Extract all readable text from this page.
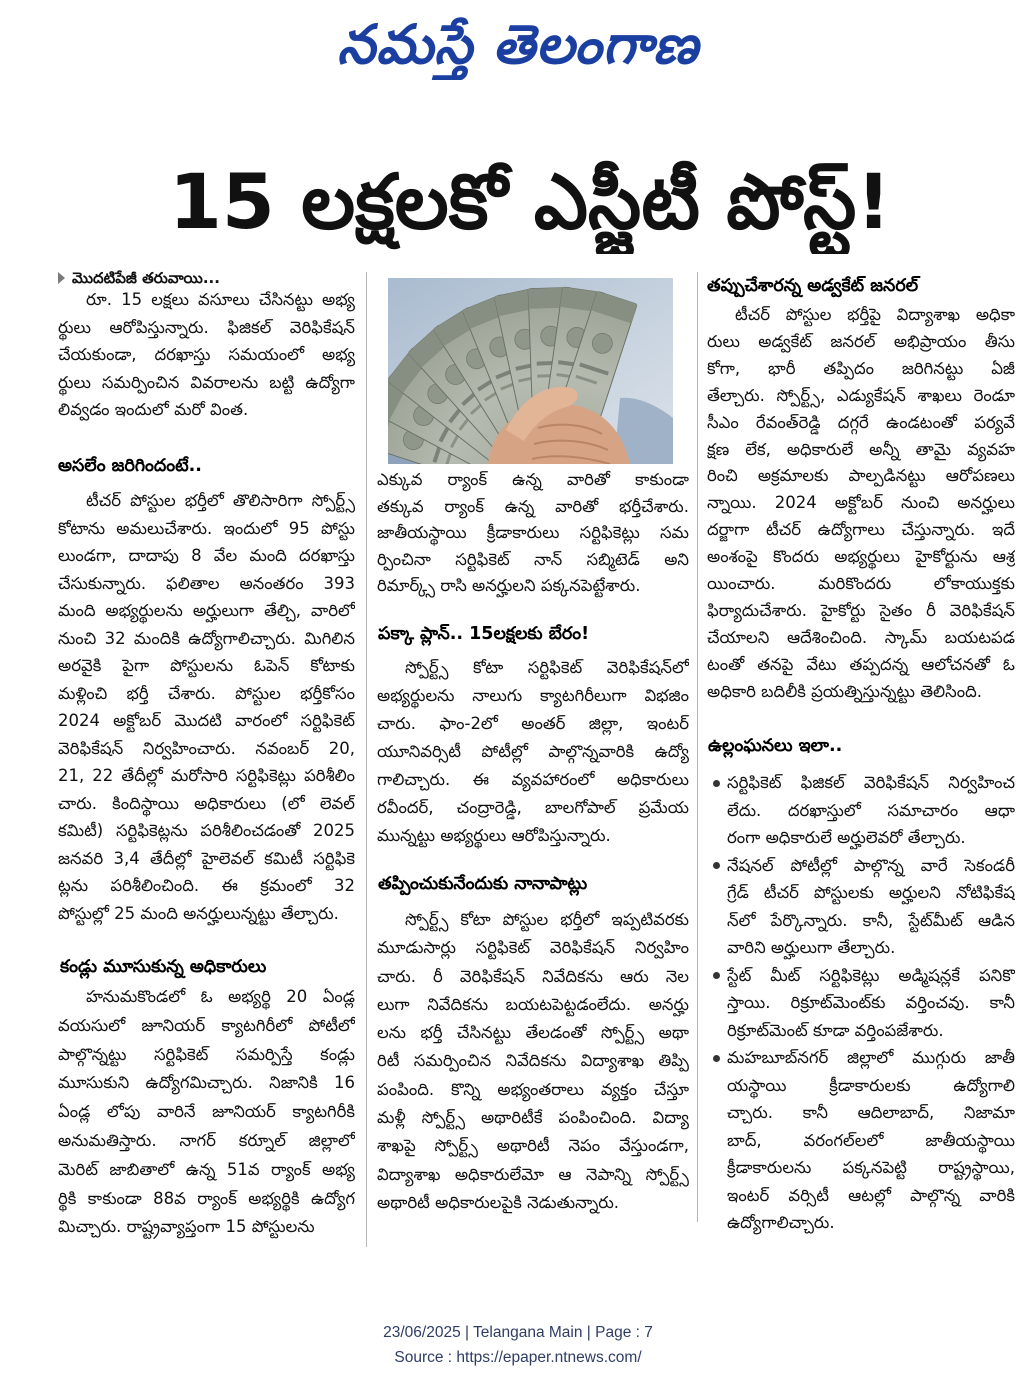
నమస్తే తెలంగాణ
15 లక్షలకో ఎస్జీటీ పోస్ట్!
మొదటిపేజీ తరువాయి...
రూ. 15 లక్షలు వసూలు చేసినట్టు అభ్య
ర్థులు ఆరోపిస్తున్నారు. ఫిజికల్ వెరిఫికేషన్
చేయకుండా, దరఖాస్తు సమయంలో అభ్య
ర్థులు సమర్పించిన వివరాలను బట్టి ఉద్యోగా
లివ్వడం ఇందులో మరో వింత.
అసలేం జరిగిందంటే..
టీచర్ పోస్టుల భర్తీలో తొలిసారిగా స్పోర్ట్స్
కోటాను అమలుచేశారు. ఇందులో 95 పోస్టు
లుండగా, దాదాపు 8 వేల మంది దరఖాస్తు
చేసుకున్నారు. ఫలితాల అనంతరం 393
మంది అభ్యర్థులను అర్హులుగా తేల్చి, వారిలో
నుంచి 32 మందికి ఉద్యోగాలిచ్చారు. మిగిలిన
అరవైకి పైగా పోస్టులను ఓపెన్ కోటాకు
మళ్లించి భర్తీ చేశారు. పోస్టుల భర్తీకోసం
2024 అక్టోబర్ మొదటి వారంలో సర్టిఫికెట్
వెరిఫికేషన్ నిర్వహించారు. నవంబర్ 20,
21, 22 తేదీల్లో మరోసారి సర్టిఫికెట్లు పరిశీలిం
చారు. కిందిస్థాయి అధికారులు (లో లెవల్
కమిటీ) సర్టిఫికెట్లను పరిశీలించడంతో 2025
జనవరి 3,4 తేదీల్లో హైలెవల్ కమిటీ సర్టిఫికె
ట్లను పరిశీలించింది. ఈ క్రమంలో 32
పోస్టుల్లో 25 మంది అనర్హులున్నట్టు తేల్చారు.
కండ్లు మూసుకున్న అధికారులు
హనుమకొండలో ఓ అభ్యర్థి 20 ఏండ్ల
వయసులో జూనియర్ క్యాటగిరీలో పోటీలో
పాల్గొన్నట్టు సర్టిఫికెట్ సమర్పిస్తే కండ్లు
మూసుకుని ఉద్యోగమిచ్చారు. నిజానికి 16
ఏండ్ల లోపు వారినే జూనియర్ క్యాటగిరీకి
అనుమతిస్తారు. నాగర్ కర్నూల్ జిల్లాలో
మెరిట్ జాబితాలో ఉన్న 51వ ర్యాంక్ అభ్య
ర్థికి కాకుండా 88వ ర్యాంక్ అభ్యర్థికి ఉద్యోగ
మిచ్చారు. రాష్ట్రవ్యాప్తంగా 15 పోస్టులను
ఎక్కువ ర్యాంక్ ఉన్న వారితో కాకుండా
తక్కువ ర్యాంక్ ఉన్న వారితో భర్తీచేశారు.
జాతీయస్థాయి క్రీడాకారులు సర్టిఫికెట్లు సమ
ర్పించినా సర్టిఫికెట్ నాన్ సబ్మిటెడ్ అని
రిమార్క్స్ రాసి అనర్హులని పక్కనపెట్టేశారు.
పక్కా ప్లాన్.. 15లక్షలకు బేరం!
స్పోర్ట్స్ కోటా సర్టిఫికెట్ వెరిఫికేషన్‌లో
అభ్యర్థులను నాలుగు క్యాటగిరీలుగా విభజిం
చారు. ఫాం-2లో అంతర్ జిల్లా, ఇంటర్
యూనివర్సిటీ పోటీల్లో పాల్గొన్నవారికి ఉద్యో
గాలిచ్చారు. ఈ వ్యవహారంలో అధికారులు
రవీందర్, చంద్రారెడ్డి, బాలగోపాల్ ప్రమేయ
మున్నట్టు అభ్యర్థులు ఆరోపిస్తున్నారు.
తప్పించుకునేందుకు నానాపాట్లు
స్పోర్ట్స్ కోటా పోస్టుల భర్తీలో ఇప్పటివరకు
మూడుసార్లు సర్టిఫికెట్ వెరిఫికేషన్ నిర్వహిం
చారు. రీ వెరిఫికేషన్ నివేదికను ఆరు నెల
లుగా నివేదికను బయటపెట్టడంలేదు. అనర్హు
లను భర్తీ చేసినట్టు తేలడంతో స్పోర్ట్స్ అథా
రిటీ సమర్పించిన నివేదికను విద్యాశాఖ తిప్పి
పంపింది. కొన్ని అభ్యంతరాలు వ్యక్తం చేస్తూ
మళ్లీ స్పోర్ట్స్ అథారిటీకే పంపించింది. విద్యా
శాఖపై స్పోర్ట్స్ అథారిటీ నెపం వేస్తుండగా,
విద్యాశాఖ అధికారులేమో ఆ నెపాన్ని స్పోర్ట్స్
అథారిటీ అధికారులపైకి నెడుతున్నారు.
తప్పుచేశారన్న అడ్వకేట్ జనరల్
టీచర్ పోస్టుల భర్తీపై విద్యాశాఖ అధికా
రులు అడ్వకేట్ జనరల్ అభిప్రాయం తీసు
కోగా, భారీ తప్పిదం జరిగినట్టు ఏజీ
తేల్చారు. స్పోర్ట్స్, ఎడ్యుకేషన్ శాఖలు రెండూ
సీఎం రేవంత్‌రెడ్డి దగ్గరే ఉండటంతో పర్యవే
క్షణ లేక, అధికారులే అన్నీ తామై వ్యవహ
రించి అక్రమాలకు పాల్పడినట్టు ఆరోపణలు
న్నాయి. 2024 అక్టోబర్ నుంచి అనర్హులు
దర్జాగా టీచర్ ఉద్యోగాలు చేస్తున్నారు. ఇదే
అంశంపై కొందరు అభ్యర్థులు హైకోర్టును ఆశ్ర
యించారు. మరికొందరు లోకాయుక్తకు
ఫిర్యాదుచేశారు. హైకోర్టు సైతం రీ వెరిఫికేషన్
చేయాలని ఆదేశించింది. స్కామ్ బయటపడ
టంతో తనపై వేటు తప్పదన్న ఆలోచనతో ఓ
అధికారి బదిలీకి ప్రయత్నిస్తున్నట్టు తెలిసింది.
ఉల్లంఘనలు ఇలా..
సర్టిఫికెట్ ఫిజికల్ వెరిఫికేషన్ నిర్వహించ
లేదు. దరఖాస్తులో సమాచారం ఆధా
రంగా అధికారులే అర్హులెవరో తేల్చారు.
నేషనల్ పోటీల్లో పాల్గొన్న వారే సెకండరీ
గ్రేడ్ టీచర్ పోస్టులకు అర్హులని నోటిఫికేష
న్‌లో పేర్కొన్నారు. కానీ, స్టేట్‌మీట్ ఆడిన
వారిని అర్హులుగా తేల్చారు.
స్టేట్ మీట్ సర్టిఫికెట్లు అడ్మిషన్లకే పనికొ
స్తాయి. రిక్రూట్‌మెంట్‌కు వర్తించవు. కానీ
రిక్రూట్‌మెంట్ కూడా వర్తింపజేశారు.
మహబూబ్‌నగర్ జిల్లాలో ముగ్గురు జాతీ
యస్థాయి క్రీడాకారులకు ఉద్యోగాలి
చ్చారు. కానీ ఆదిలాబాద్, నిజామా
బాద్, వరంగల్‌లలో జాతీయస్థాయి
క్రీడాకారులను పక్కనపెట్టి రాష్ట్రస్థాయి,
ఇంటర్ వర్సిటీ ఆటల్లో పాల్గొన్న వారికి
ఉద్యోగాలిచ్చారు.
23/06/2025 | Telangana Main | Page : 7
Source : https://epaper.ntnews.com/
